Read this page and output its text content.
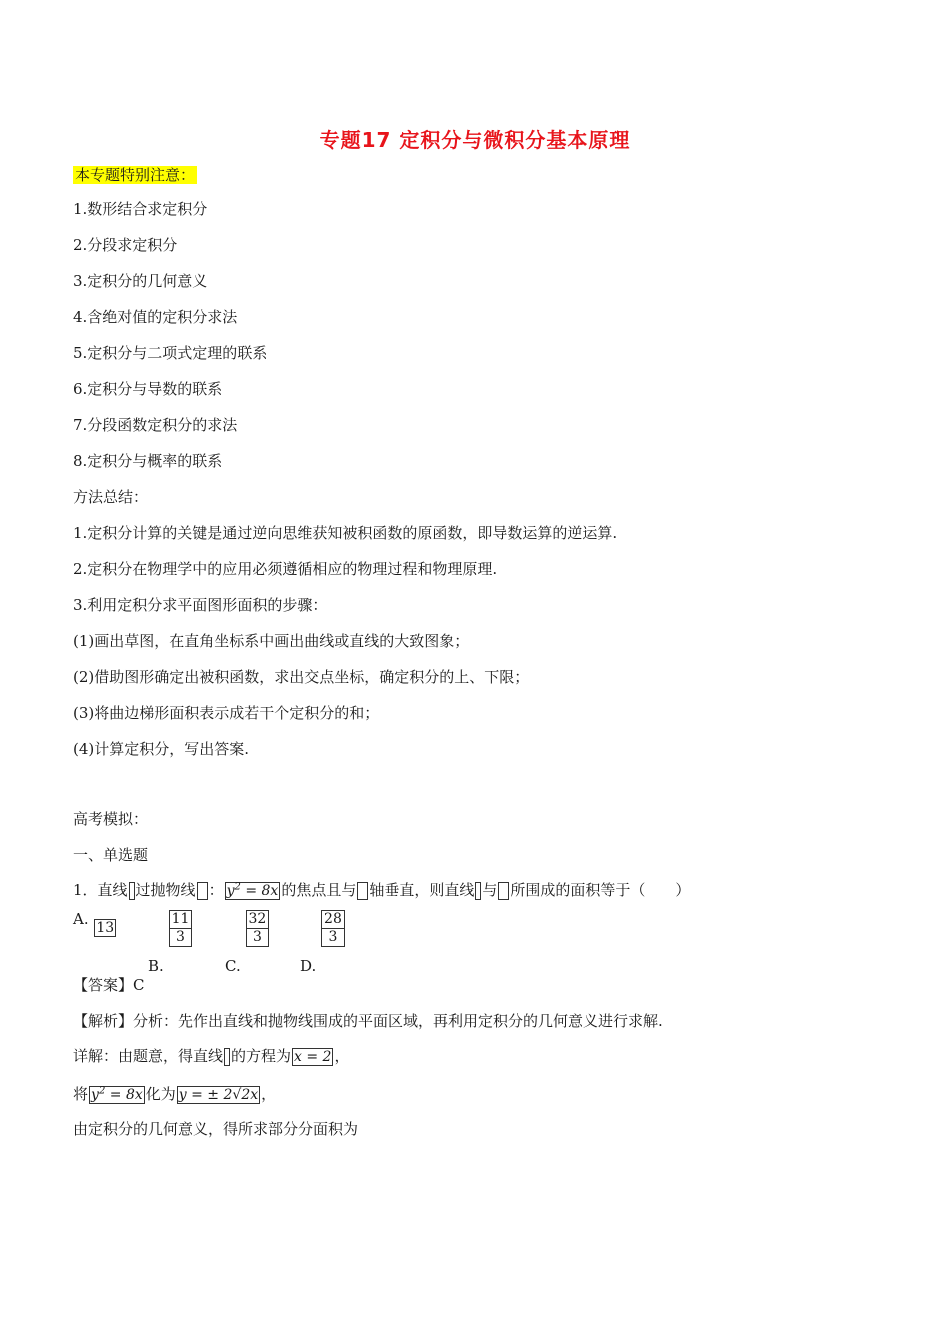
专题17 定积分与微积分基本原理
本专题特别注意：
1.数形结合求定积分
2.分段求定积分
3.定积分的几何意义
4.含绝对值的定积分求法
5.定积分与二项式定理的联系
6.定积分与导数的联系
7.分段函数定积分的求法
8.定积分与概率的联系
方法总结：
1.定积分计算的关键是通过逆向思维获知被积函数的原函数，即导数运算的逆运算.
2.定积分在物理学中的应用必须遵循相应的物理过程和物理原理.
3.利用定积分求平面图形面积的步骤：
(1)画出草图，在直角坐标系中画出曲线或直线的大致图象；
(2)借助图形确定出被积函数，求出交点坐标，确定积分的上、下限；
(3)将曲边梯形面积表示成若干个定积分的和；
(4)计算定积分，写出答案.
高考模拟：
一、单选题
1．直线 过抛物线 ： $y^2 = 8x$ 的焦点且与 轴垂直，则直线 与 所围成的面积等于（　　）
A. 13
B.
$\frac{11}{3}$
C.
$\frac{32}{3}$
D.
$\frac{28}{3}$
【答案】C
【解析】分析：先作出直线和抛物线围成的平面区域，再利用定积分的几何意义进行求解.
详解：由题意，得直线 的方程为 x = 2 ，
将 $y^2 = 8x$ 化为 y = ± 2√2x ，
由定积分的几何意义，得所求部分分面积为
